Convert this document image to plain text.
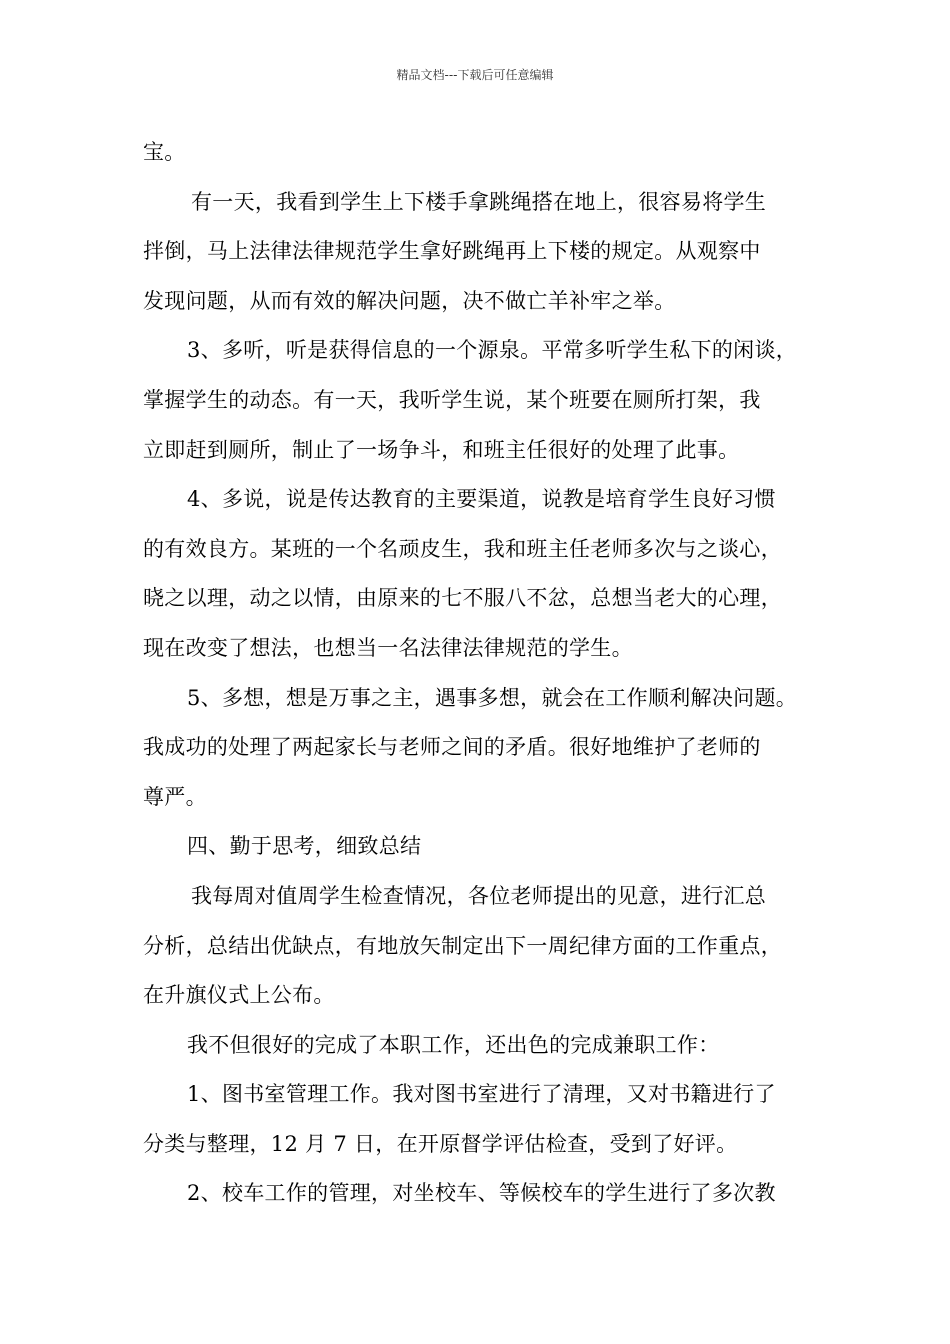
精品文档---下载后可任意编辑
宝。
有一天，我看到学生上下楼手拿跳绳搭在地上，很容易将学生
拌倒，马上法律法律规范学生拿好跳绳再上下楼的规定。从观察中
发现问题，从而有效的解决问题，决不做亡羊补牢之举。
3、多听，听是获得信息的一个源泉。平常多听学生私下的闲谈，
掌握学生的动态。有一天，我听学生说，某个班要在厕所打架，我
立即赶到厕所，制止了一场争斗，和班主任很好的处理了此事。
4、多说，说是传达教育的主要渠道，说教是培育学生良好习惯
的有效良方。某班的一个名顽皮生，我和班主任老师多次与之谈心，
晓之以理，动之以情，由原来的七不服八不忿，总想当老大的心理，
现在改变了想法，也想当一名法律法律规范的学生。
5、多想，想是万事之主，遇事多想，就会在工作顺利解决问题。
我成功的处理了两起家长与老师之间的矛盾。很好地维护了老师的
尊严。
四、勤于思考，细致总结
我每周对值周学生检查情况，各位老师提出的见意，进行汇总
分析，总结出优缺点，有地放矢制定出下一周纪律方面的工作重点，
在升旗仪式上公布。
我不但很好的完成了本职工作，还出色的完成兼职工作：
1、图书室管理工作。我对图书室进行了清理，又对书籍进行了
分类与整理，12 月 7 日，在开原督学评估检查，受到了好评。
2、校车工作的管理，对坐校车、等候校车的学生进行了多次教
